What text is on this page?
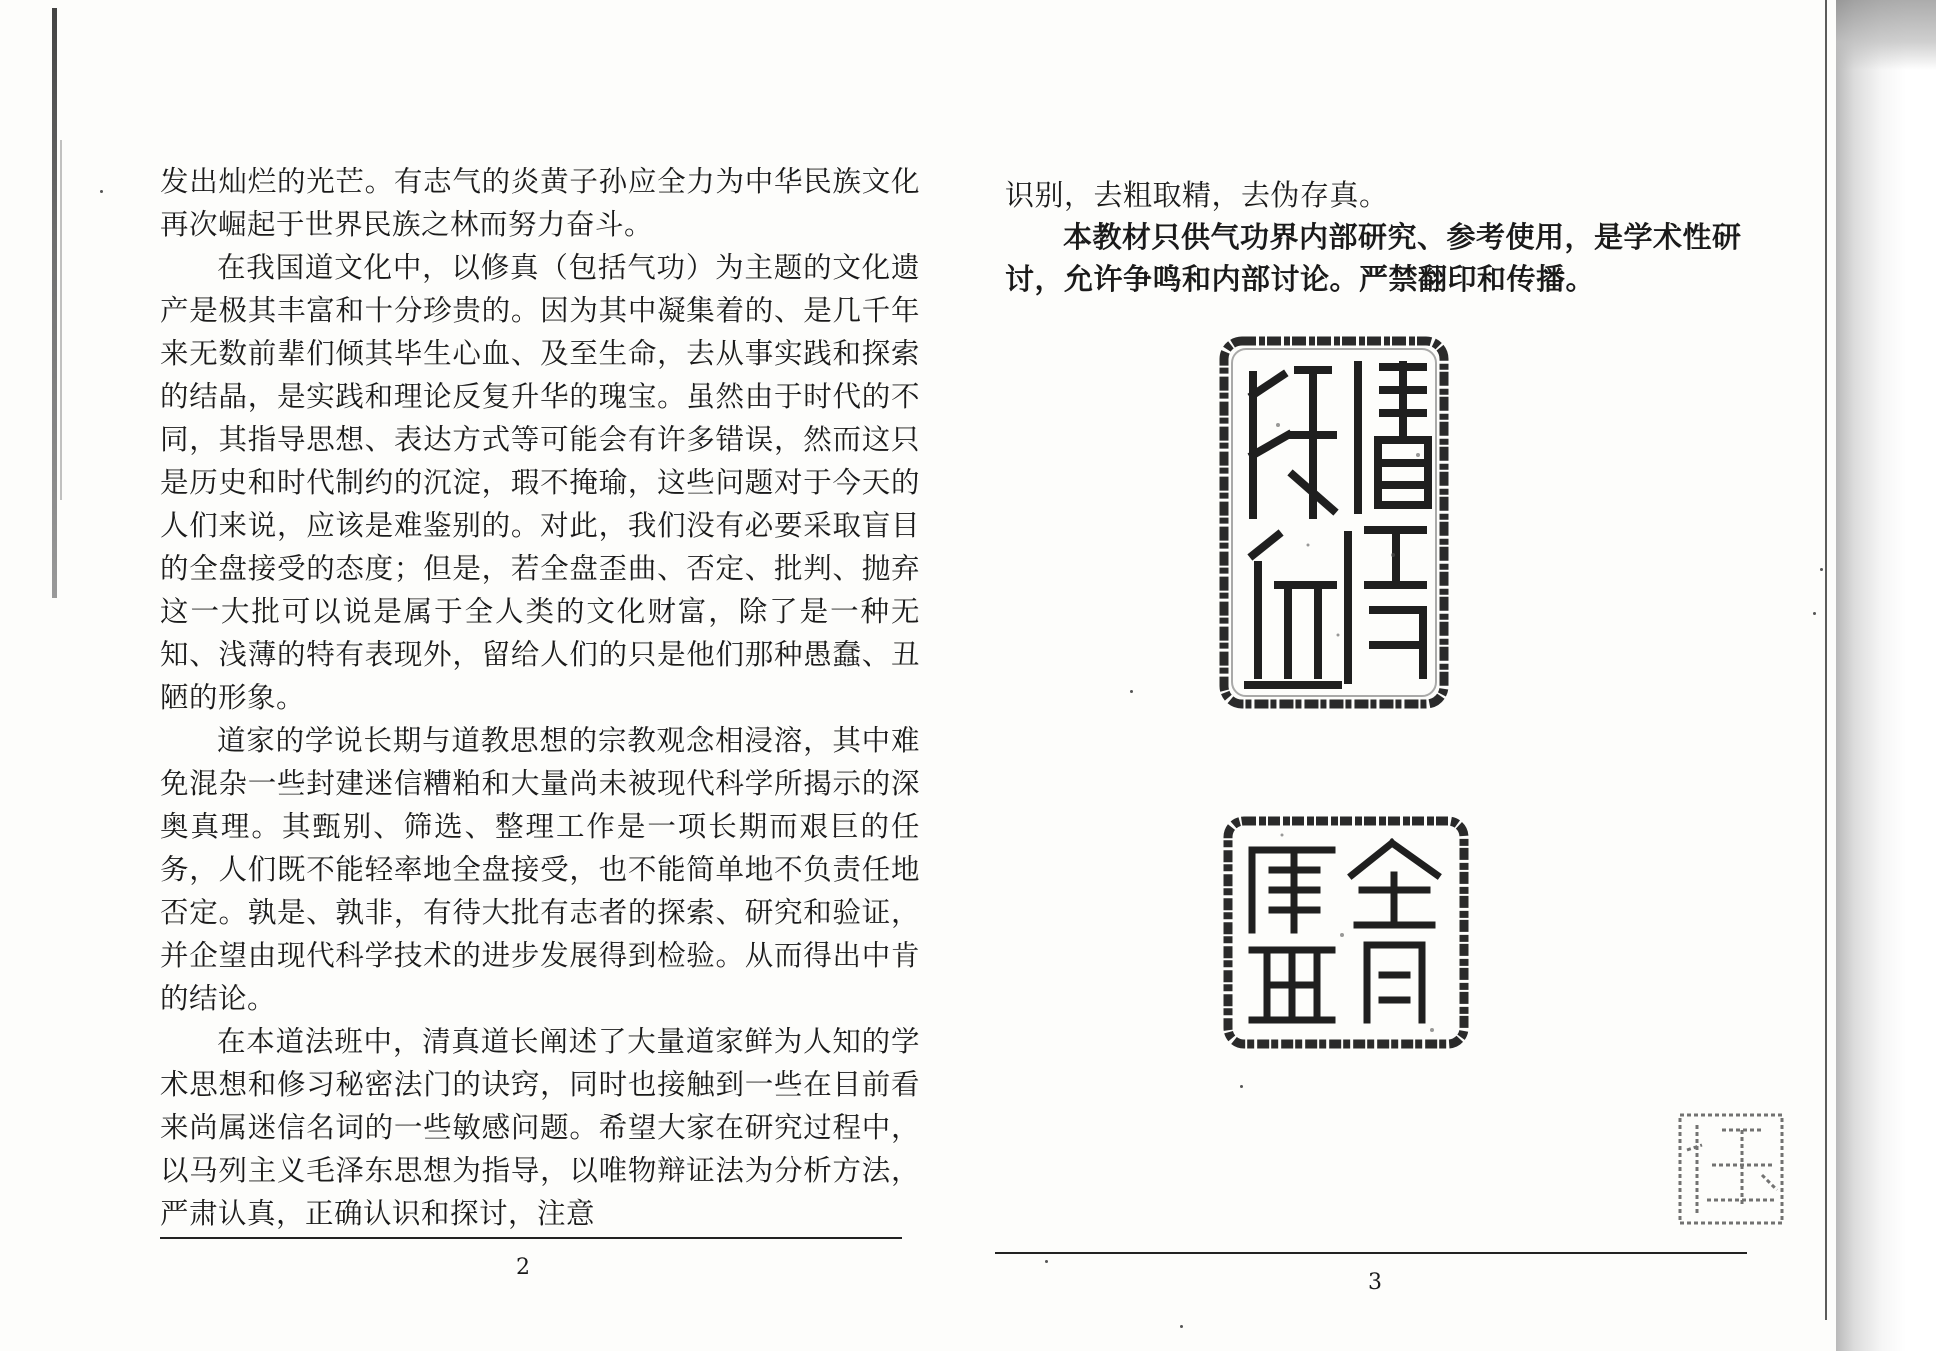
发出灿烂的光芒。有志气的炎黄子孙应全力为中华民族文化再次崛起于世界民族之林而努力奋斗。

在我国道文化中，以修真（包括气功）为主题的文化遗产是极其丰富和十分珍贵的。因为其中凝集着的、是几千年来无数前辈们倾其毕生心血、及至生命，去从事实践和探索的结晶，是实践和理论反复升华的瑰宝。虽然由于时代的不同，其指导思想、表达方式等可能会有许多错误，然而这只是历史和时代制约的沉淀，瑕不掩瑜，这些问题对于今天的人们来说，应该是难鉴别的。对此，我们没有必要采取盲目的全盘接受的态度；但是，若全盘歪曲、否定、批判、抛弃这一大批可以说是属于全人类的文化财富，除了是一种无知、浅薄的特有表现外，留给人们的只是他们那种愚蠢、丑陋的形象。

道家的学说长期与道教思想的宗教观念相浸溶，其中难免混杂一些封建迷信糟粕和大量尚未被现代科学所揭示的深奥真理。其甄别、筛选、整理工作是一项长期而艰巨的任务，人们既不能轻率地全盘接受，也不能简单地不负责任地否定。孰是、孰非，有待大批有志者的探索、研究和验证，并企望由现代科学技术的进步发展得到检验。从而得出中肯的结论。

在本道法班中，清真道长阐述了大量道家鲜为人知的学术思想和修习秘密法门的诀窍，同时也接触到一些在目前看来尚属迷信名词的一些敏感问题。希望大家在研究过程中，以马列主义毛泽东思想为指导，以唯物辩证法为分析方法，严肃认真，正确认识和探讨，注意

2

识别，去粗取精，去伪存真。

本教材只供气功界内部研究、参考使用，是学术性研讨，允许争鸣和内部讨论。严禁翻印和传播。

3
